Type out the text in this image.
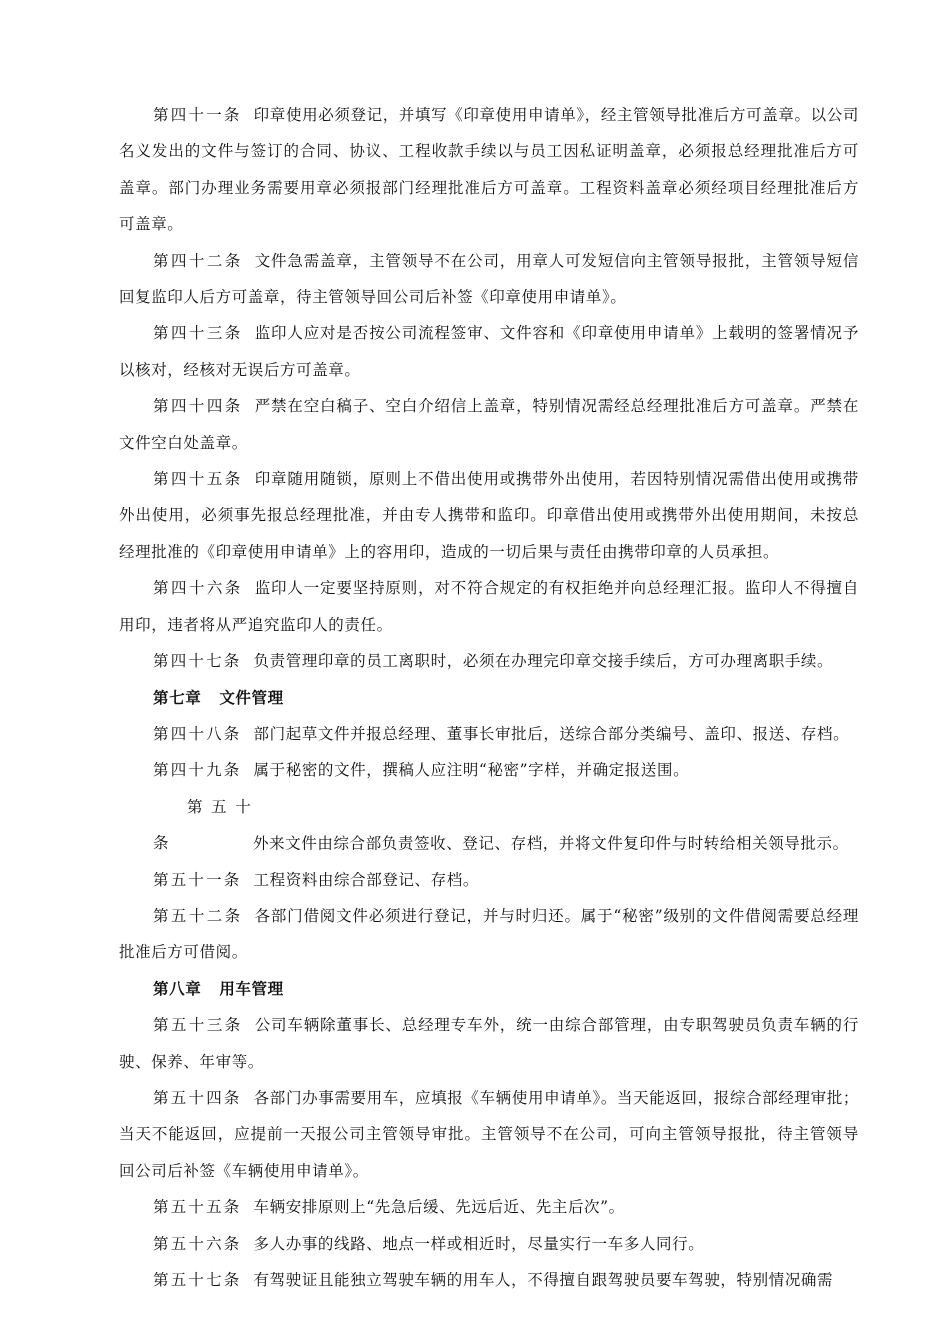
第四十一条 印章使用必须登记，并填写《印章使用申请单》，经主管领导批准后方可盖章。以公司名义发出的文件与签订的合同、协议、工程收款手续以与员工因私证明盖章，必须报总经理批准后方可盖章。部门办理业务需要用章必须报部门经理批准后方可盖章。工程资料盖章必须经项目经理批准后方可盖章。
第四十二条 文件急需盖章，主管领导不在公司，用章人可发短信向主管领导报批，主管领导短信回复监印人后方可盖章，待主管领导回公司后补签《印章使用申请单》。
第四十三条 监印人应对是否按公司流程签审、文件容和《印章使用申请单》上载明的签署情况予以核对，经核对无误后方可盖章。
第四十四条 严禁在空白稿子、空白介绍信上盖章，特别情况需经总经理批准后方可盖章。严禁在文件空白处盖章。
第四十五条 印章随用随锁，原则上不借出使用或携带外出使用，若因特别情况需借出使用或携带外出使用，必须事先报总经理批准，并由专人携带和监印。印章借出使用或携带外出使用期间，未按总经理批准的《印章使用申请单》上的容用印，造成的一切后果与责任由携带印章的人员承担。
第四十六条 监印人一定要坚持原则，对不符合规定的有权拒绝并向总经理汇报。监印人不得擅自用印，违者将从严追究监印人的责任。
第四十七条 负责管理印章的员工离职时，必须在办理完印章交接手续后，方可办理离职手续。
第七章 文件管理
第四十八条 部门起草文件并报总经理、董事长审批后，送综合部分类编号、盖印、报送、存档。
第四十九条 属于秘密的文件，撰稿人应注明“秘密”字样，并确定报送围。
第五十条	外来文件由综合部负责签收、登记、存档，并将文件复印件与时转给相关领导批示。
第五十一条 工程资料由综合部登记、存档。
第五十二条 各部门借阅文件必须进行登记，并与时归还。属于“秘密”级别的文件借阅需要总经理批准后方可借阅。
第八章 用车管理
第五十三条 公司车辆除董事长、总经理专车外，统一由综合部管理，由专职驾驶员负责车辆的行驶、保养、年审等。
第五十四条 各部门办事需要用车，应填报《车辆使用申请单》。当天能返回，报综合部经理审批；当天不能返回，应提前一天报公司主管领导审批。主管领导不在公司，可向主管领导报批，待主管领导回公司后补签《车辆使用申请单》。
第五十五条 车辆安排原则上“先急后缓、先远后近、先主后次”。
第五十六条 多人办事的线路、地点一样或相近时，尽量实行一车多人同行。
第五十七条 有驾驶证且能独立驾驶车辆的用车人，不得擅自跟驾驶员要车驾驶，特别情况确需
